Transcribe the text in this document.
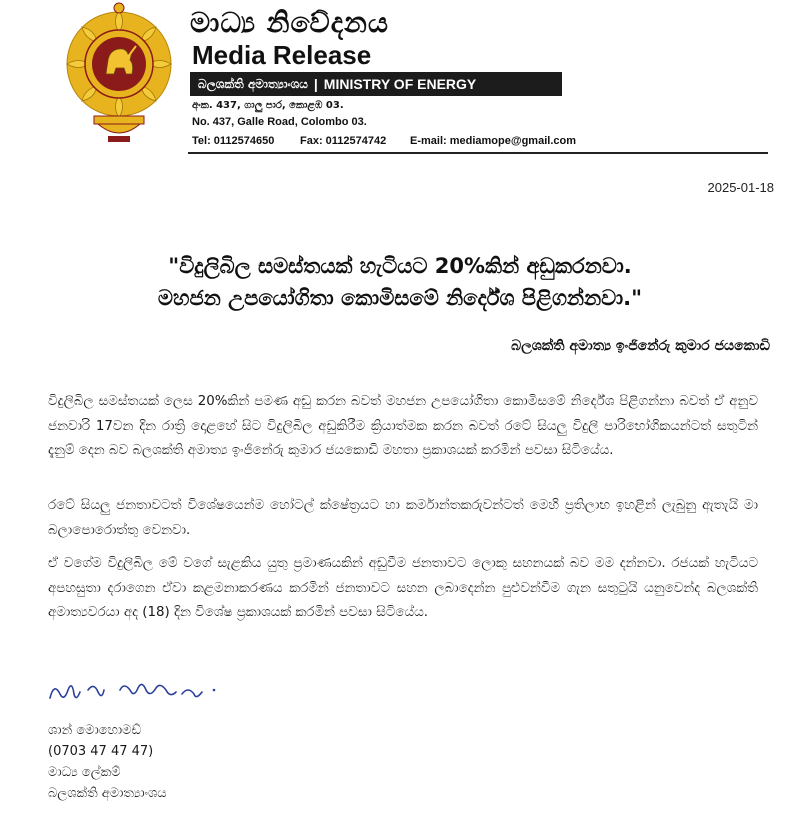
මාධ්‍ය නිවේදනය
Media Release
බලශක්ති අමාත්‍යාංශය | MINISTRY OF ENERGY
අංක. 437, ගාලු පාර, කොළඹ 03.
No. 437, Galle Road, Colombo 03.
Tel: 0112574650 Fax: 0112574742 E-mail: mediamope@gmail.com
2025-01-18
"විදුලිබිල සමස්තයක් හැටියට 20%කින් අඩුකරනවා.
මහජන උපයෝගිතා කොමිසමේ නිර්දේශ පිළිගන්නවා."
බලශක්ති අමාත්‍ය ඉංජිනේරු කුමාර ජයකොඩි
විදුලිබිල සමස්තයක් ලෙස 20%කින් පමණ අඩු කරන බවත් මහජන උපයෝගිතා කොමිසමේ නිර්දේශ පිළිගන්නා බවත් ඒ අනුව ජනවාරි 17වන දින රාත්‍රි දොළහේ සිට විදුලිබිල අඩුකිරීම ක්‍රියාත්මක කරන බවත් රටේ සියලු විදුලි පාරිභෝගිකයන්ටත් සතුටින් දැනුම් දෙන බව බලශක්ති අමාත්‍ය ඉංජිනේරු කුමාර ජයකොඩි මහතා ප්‍රකාශයක් කරමින් පවසා සිටියේය.
රටේ සියලු ජනතාවටත් විශේෂයෙන්ම හෝටල් ක්ෂේත්‍රයට හා කර්මාන්තකරුවන්ටත් මෙහි ප්‍රතිලාභ ඉහළින් ලැබුනු ඇතැයි මා බලාපොරොත්තු වෙනවා.
ඒ වගේම විදුලිබිල මේ වගේ සැළකිය යුතු ප්‍රමාණයකින් අඩුවීම ජනතාවට ලොකු සහනයක් බව මම දන්නවා. රජයක් හැටියට අපහසුතා දරාගෙන ඒවා කළමනාකරණය කරමින් ජනතාවට සහන ලබාදෙන්න පුළුවන්වීම ගැන සතුටුයි යනුවෙන්ද බලශක්ති අමාත්‍යවරයා අද (18) දින විශේෂ ප්‍රකාශයක් කරමින් පවසා සිටියේය.
ශාන් මොහොමඩ්
(0703 47 47 47)
මාධ්‍ය ලේකම්
බලශක්ති අමාත්‍යාංශය
